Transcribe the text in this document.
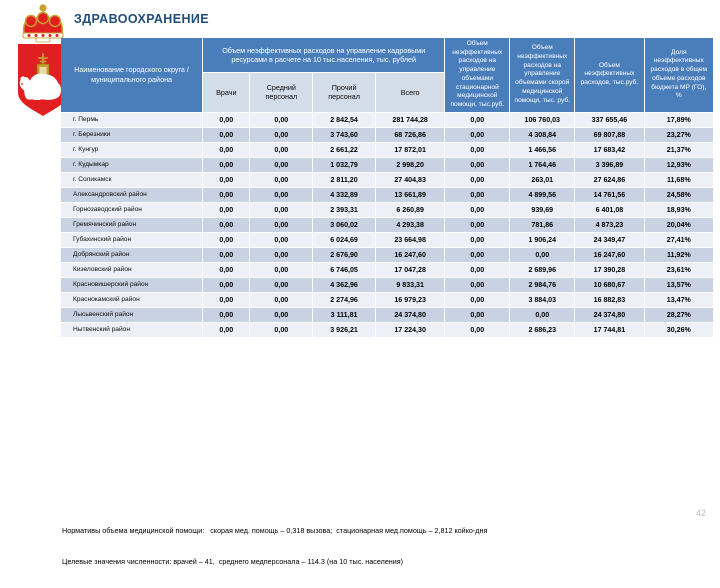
ЗДРАВООХРАНЕНИЕ
Наименование городского округа / муниципального района	Объем неэффективных расходов на управление кадровыми ресурсами в расчете на 10 тыс.населения, тыс. рублей				Объем неэффективных расходов на управление объемами стационарной медицинской помощи, тыс.руб.	Объем неэффективных расходов на управление объемами скорой медицинской помощи, тыс. руб.	Объем неэффективных расходов, тыс.руб.	Доля неэффективных расходов в общем объеме расходов бюджета МР (ГО), %
	Врачи	Средний персонал	Прочий персонал	Всего				
г. Пермь	0,00	0,00	2 842,54	281 744,28	0,00	106 760,03	337 655,46	17,89%
г. Березники	0,00	0,00	3 743,60	68 726,86	0,00	4 308,84	69 807,88	23,27%
г. Кунгур	0,00	0,00	2 661,22	17 872,01	0,00	1 466,56	17 683,42	21,37%
г. Кудымкар	0,00	0,00	1 032,79	2 998,20	0,00	1 764,46	3 396,89	12,93%
г. Соликамск	0,00	0,00	2 811,20	27 404,83	0,00	263,01	27 624,86	11,68%
Александровский район	0,00	0,00	4 332,89	13 661,89	0,00	4 899,56	14 761,56	24,58%
Горнозаводский район	0,00	0,00	2 393,31	6 260,89	0,00	939,69	6 401,08	18,93%
Гремячинский район	0,00	0,00	3 060,02	4 293,38	0,00	781,86	4 873,23	20,04%
Губахинский район	0,00	0,00	6 024,69	23 664,98	0,00	1 906,24	24 349,47	27,41%
Добрянский район	0,00	0,00	2 676,90	16 247,60	0,00	0,00	16 247,60	11,92%
Кизеловский район	0,00	0,00	6 746,05	17 047,28	0,00	2 689,96	17 390,28	23,61%
Красновишерский район	0,00	0,00	4 362,96	9 833,31	0,00	2 984,76	10 680,67	13,57%
Краснокамский район	0,00	0,00	2 274,96	16 979,23	0,00	3 884,03	16 882,83	13,47%
Лысьвенский район	0,00	0,00	3 111,81	24 374,80	0,00	0,00	24 374,80	28,27%
Нытвенский район	0,00	0,00	3 926,21	17 224,30	0,00	2 686,23	17 744,81	30,26%

Нормативы объема медицинской помощи:   скорая мед. помощь – 0,318 вызова;  стационарная мед.помощь – 2,812 койко-дня

Целевые значения численности: врачей – 41,  среднего медперсонала – 114.3 (на 10 тыс. населения)

42
